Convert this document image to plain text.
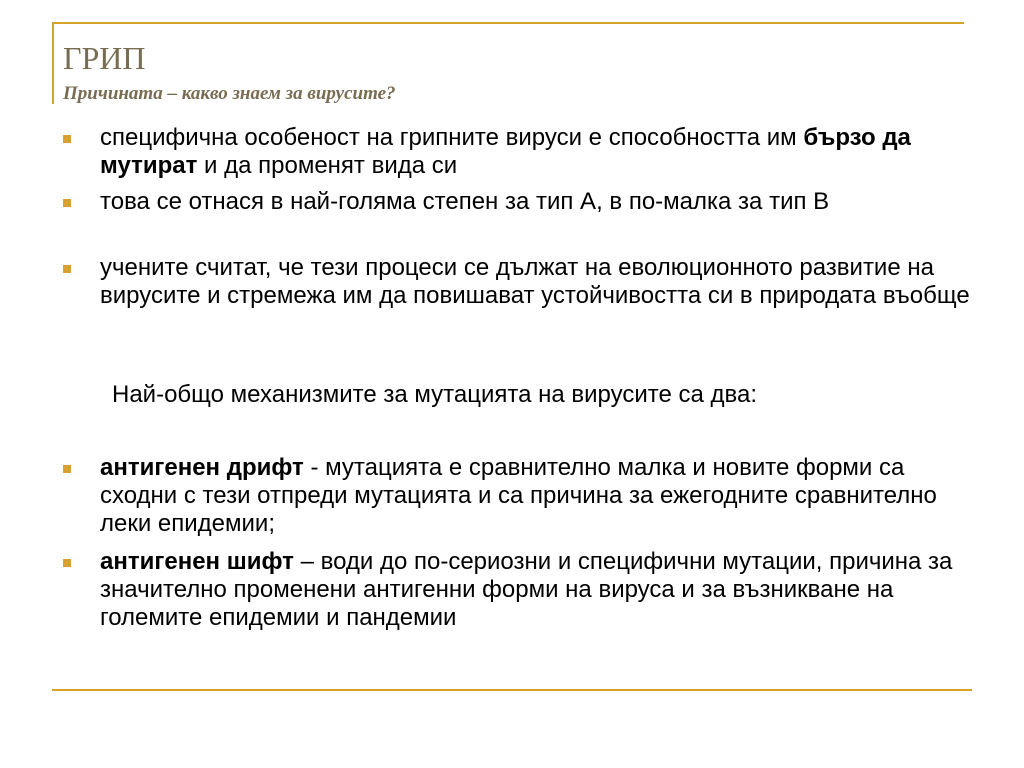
ГРИП
Причината – какво знаем за вирусите?
специфична особеност на грипните вируси е способността им бързо да мутират и да променят вида си
това се отнася в най-голяма степен за тип А, в по-малка за тип В
учените считат, че тези процеси се дължат на еволюционното развитие на вирусите и стремежа им да повишават устойчивостта си в природата въобще
Най-общо механизмите за мутацията на вирусите са два:
антигенен дрифт - мутацията е сравнително малка и новите форми са сходни с тези отпреди мутацията и са причина за ежегодните сравнително леки епидемии;
антигенен шифт – води до по-сериозни и специфични мутации, причина за значително променени антигенни форми на вируса и за възникване на големите епидемии и пандемии
